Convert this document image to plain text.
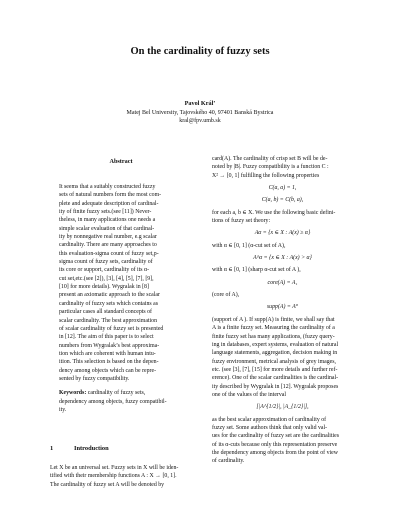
On the cardinality of fuzzy sets
Pavol Král’
Matej Bel University, Tajovského 40, 97401 Banská Bystrica
kral@fpv.umb.sk
Abstract
It seems that a suitably constructed fuzzy
sets of natural numbers form the most com-
plete and adequate description of cardinal-
ity of finite fuzzy sets.(see [11]) Never-
theless, in many applications one needs a
simple scalar evaluation of that cardinal-
ity by nonnegative real number, e.g scalar
cardinality. There are many approaches to
this evaluation-sigma count of fuzzy set,p-
sigma count of fuzzy sets, cardinality of
its core or support, cardinality of its α-
cut set,etc.(see [2]), [3], [4], [5], [7], [9],
[10] for more details). Wygralak in [8]
present an axiomatic approach to the scalar
cardinality of fuzzy sets which contains as
particular cases all standard concepts of
scalar cardinality. The best approximation
of scalar cardinality of fuzzy set is presented
in [12]. The aim of this paper is to select
numbers from Wygralak’s best approxima-
tion which are coherent with human intu-
ition. This selection is based on the depen-
dency among objects which can be repre-
sented by fuzzy compatibility.
Keywords: cardinality of fuzzy sets,
dependency among objects, fuzzy compatibil-
ity.
1	Introduction
Let X be an universal set. Fuzzy sets in X will be iden-
tified with their membership functions A : X → [0, 1].
The cardinality of fuzzy set A will be denoted by
card(A). The cardinality of crisp set B will be de-
noted by |B|. Fuzzy compatibility is a function C :
X² → [0, 1] fulfilling the following properties
C(a, a) = 1,
C(a, b) = C(b, a),
for each a, b ∈ X. We use the following basic defini-
tions of fuzzy set theory:
Aα = {x ∈ X : A(x) ≥ α}
with α ∈ [0, 1] (α-cut set of A),
A^α = {x ∈ X : A(x) > α}
with α ∈ [0, 1] (sharp α-cut set of A ),
core(A) = A₁
(core of A),
supp(A) = A⁰
(support of A ). If supp(A) is finite, we shall say that
A is a finite fuzzy set. Measuring the cardinality of a
finite fuzzy set has many applications, (fuzzy query-
ing in databases, expert systems, evaluation of natural
language statements, aggregation, decision making in
fuzzy environment, metrical analysis of grey images,
etc. (see [3], [7], [15] for more details and further ref-
erence). One of the scalar cardinalities is the cardinal-
ity described by Wygralak in [12]. Wygralak proposes
one of the values of the interval
[|A^{1/2}|, |A_{1/2}|],
as the best scalar approximation of cardinality of
fuzzy set. Some authors think that only valid val-
ues for the cardinality of fuzzy set are the cardinalities
of its α-cuts because only this representation preserve
the dependency among objects from the point of view
of cardinality.
